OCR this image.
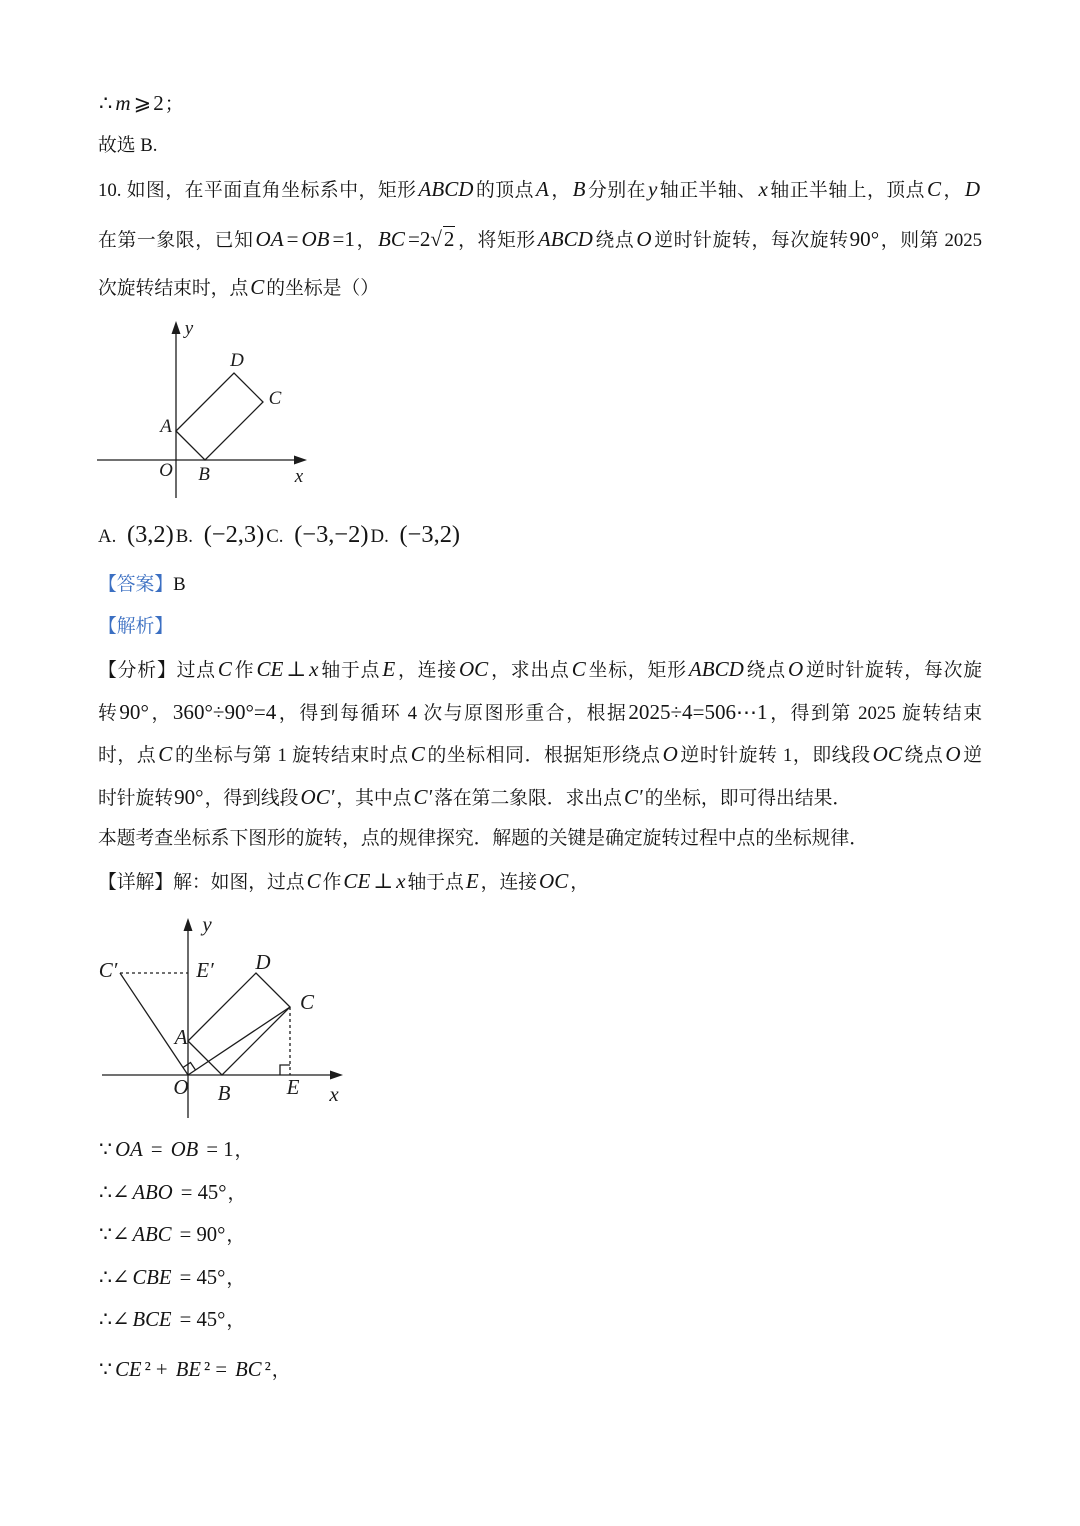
∴ m ⩾2；
故选 B.
10. 如图，在平面直角坐标系中，矩形ABCD 的顶点A ，B 分别在y 轴正半轴、x 轴正半轴上，顶点C ，D
在第一象限，已知OA = OB =1，BC =2√2 ，将矩形ABCD 绕点O 逆时针旋转，每次旋转90°，则第 2025
次旋转结束时，点C 的坐标是（）
y
D
C
A
O B	x
A. (3,2) B. (−2,3) C. (−3,−2) D. (−3,2)
【答案】B
【解析】
【分析】过点C 作CE ⊥ x 轴于点E ，连接OC ，求出点C 坐标，矩形ABCD 绕点O 逆时针旋转，每次旋
转90°，360°÷90°=4，得到每循环 4 次与原图形重合，根据2025÷4=506⋯1，得到第 2025 旋转结束
时，点C 的坐标与第 1 旋转结束时点C 的坐标相同．根据矩形绕点O 逆时针旋转 1，即线段OC 绕点O 逆
时针旋转90°，得到线段OC′ ，其中点C′ 落在第二象限．求出点C′ 的坐标，即可得出结果．
本题考查坐标系下图形的旋转，点的规律探究．解题的关键是确定旋转过程中点的坐标规律．
【详解】解：如图，过点C 作CE ⊥ x 轴于点E ，连接OC ，
y
C′	E′ D
C
A
O B	E x
∵ OA = OB = 1，
∴∠ ABO = 45°，
∵∠ ABC = 90°，
∴∠ CBE = 45°，
∴∠ BCE = 45°，
∵ CE ² + BE ² = BC ²，
